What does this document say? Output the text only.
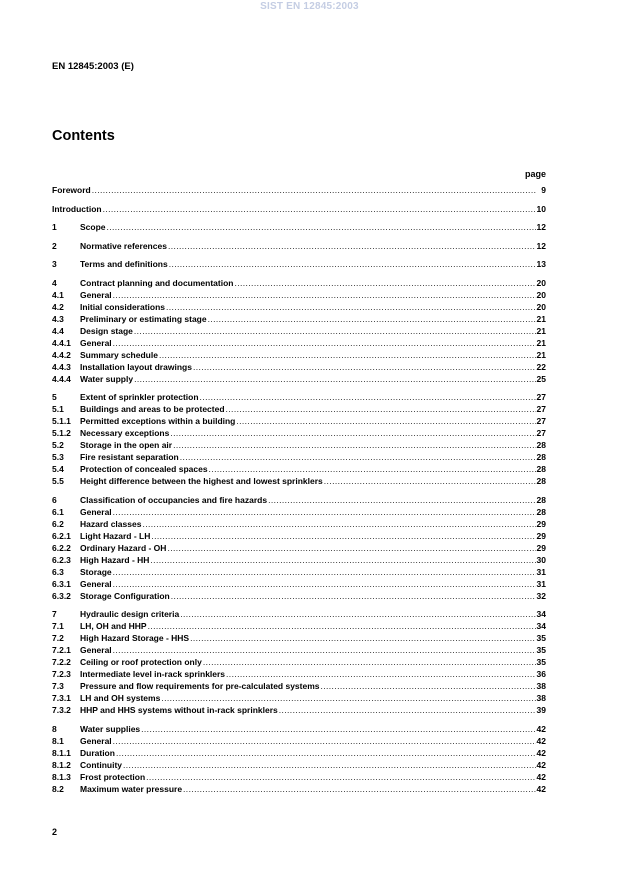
SIST EN 12845:2003
EN 12845:2003 (E)
Contents
page
Foreword .....	9
Introduction .....	10
1	Scope .....	12
2	Normative references .....	12
3	Terms and definitions .....	13
4	Contract planning and documentation .....	20
4.1	General .....	20
4.2	Initial considerations .....	20
4.3	Preliminary or estimating stage .....	21
4.4	Design stage .....	21
4.4.1	General .....	21
4.4.2	Summary schedule .....	21
4.4.3	Installation layout drawings .....	22
4.4.4	Water supply .....	25
5	Extent of sprinkler protection .....	27
5.1	Buildings and areas to be protected .....	27
5.1.1	Permitted exceptions within a building .....	27
5.1.2	Necessary exceptions .....	27
5.2	Storage in the open air .....	28
5.3	Fire resistant separation .....	28
5.4	Protection of concealed spaces .....	28
5.5	Height difference between the highest and lowest sprinklers .....	28
6	Classification of occupancies and fire hazards .....	28
6.1	General .....	28
6.2	Hazard classes .....	29
6.2.1	Light Hazard - LH .....	29
6.2.2	Ordinary Hazard - OH .....	29
6.2.3	High Hazard - HH .....	30
6.3	Storage .....	31
6.3.1	General .....	31
6.3.2	Storage Configuration .....	32
7	Hydraulic design criteria .....	34
7.1	LH, OH and HHP .....	34
7.2	High Hazard Storage - HHS .....	35
7.2.1	General .....	35
7.2.2	Ceiling or roof protection only .....	35
7.2.3	Intermediate level in-rack sprinklers .....	36
7.3	Pressure and flow requirements for pre-calculated systems .....	38
7.3.1	LH and OH systems .....	38
7.3.2	HHP and HHS systems without in-rack sprinklers .....	39
8	Water supplies .....	42
8.1	General .....	42
8.1.1	Duration .....	42
8.1.2	Continuity .....	42
8.1.3	Frost protection .....	42
8.2	Maximum water pressure .....	42
2
